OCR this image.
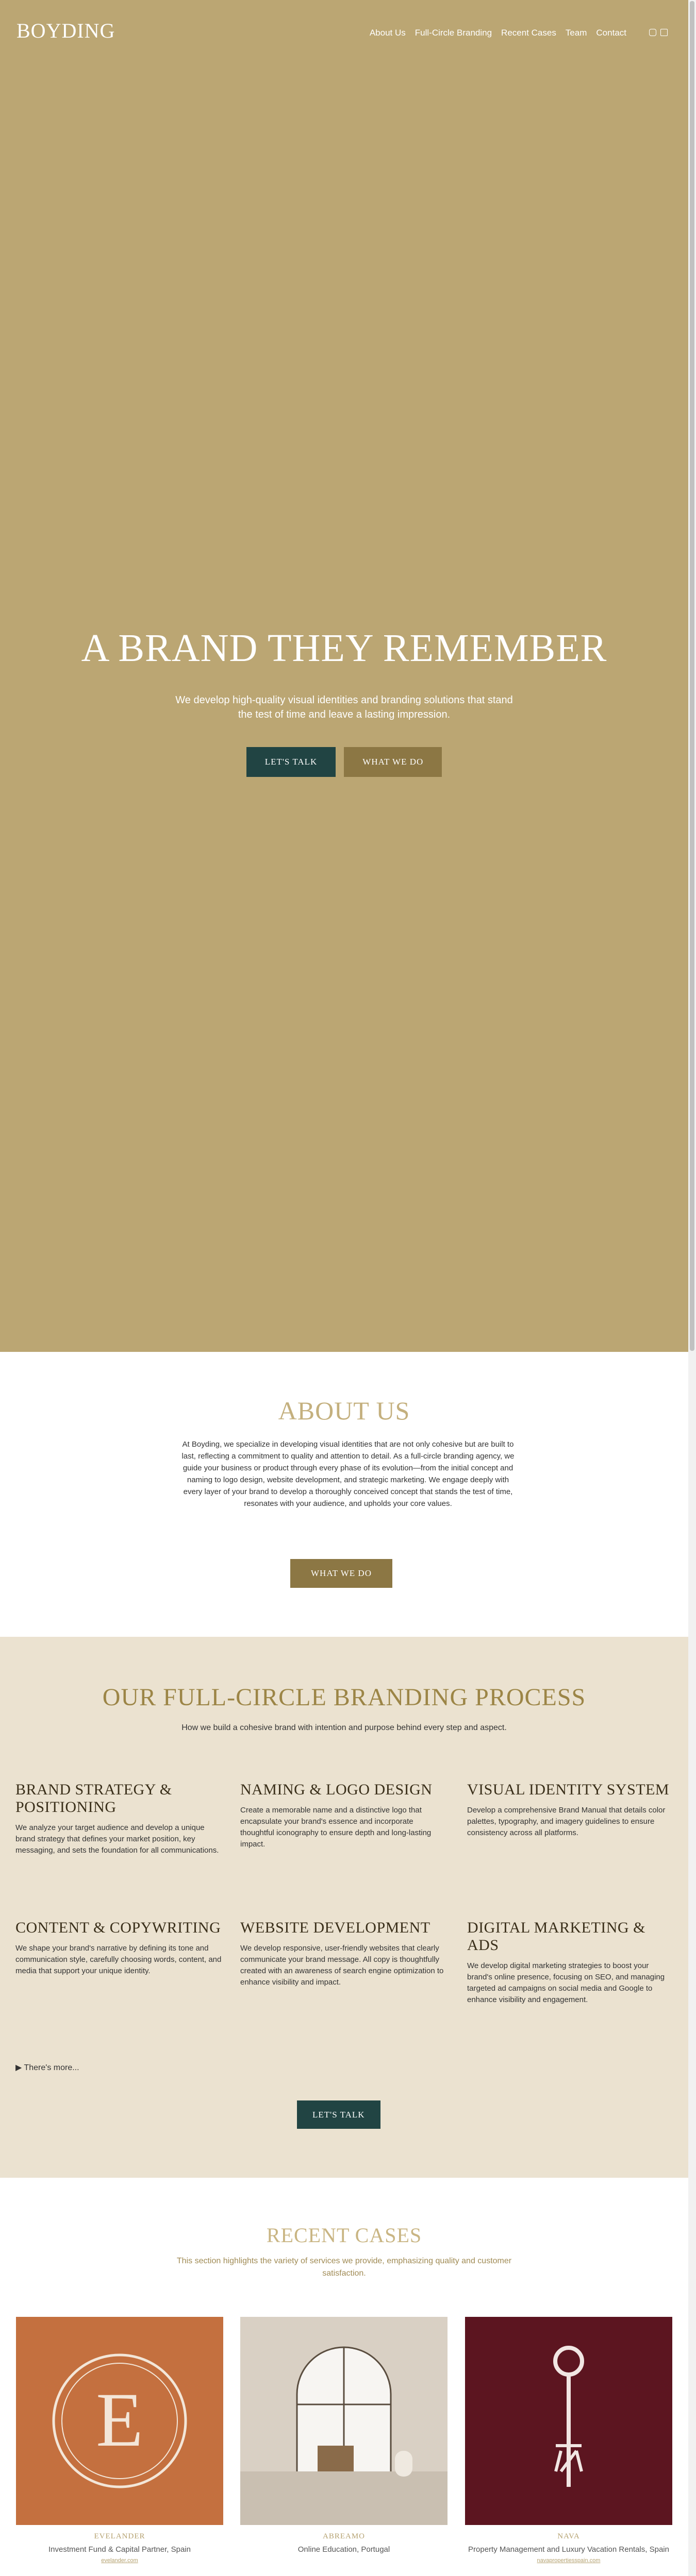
BOYDING	About Us Full-Circle Branding Recent Cases Team Contact
A BRAND THEY REMEMBER

We develop high-quality visual identities and branding solutions that stand the test of time and leave a lasting impression.

LET'S TALK	WHAT WE DO
ABOUT US

At Boyding, we specialize in developing visual identities that are not only cohesive but are built to last, reflecting a commitment to quality and attention to detail. As a full-circle branding agency, we guide your business or product through every phase of its evolution—from the initial concept and naming to logo design, website development, and strategic marketing. We engage deeply with every layer of your brand to develop a thoroughly conceived concept that stands the test of time, resonates with your audience, and upholds your core values.

WHAT WE DO
OUR FULL-CIRCLE BRANDING PROCESS

How we build a cohesive brand with intention and purpose behind every step and aspect.

BRAND STRATEGY & POSITIONING

We analyze your target audience and develop a unique brand strategy that defines your market position, key messaging, and sets the foundation for all communications.

NAMING & LOGO DESIGN

Create a memorable name and a distinctive logo that encapsulate your brand's essence and incorporate thoughtful iconography to ensure depth and long-lasting impact.

VISUAL IDENTITY SYSTEM

Develop a comprehensive Brand Manual that details color palettes, typography, and imagery guidelines to ensure consistency across all platforms.

CONTENT & COPYWRITING

We shape your brand's narrative by defining its tone and communication style, carefully choosing words, content, and media that support your unique identity.

WEBSITE DEVELOPMENT

We develop responsive, user-friendly websites that clearly communicate your brand message. All copy is thoughtfully created with an awareness of search engine optimization to enhance visibility and impact.

DIGITAL MARKETING & ADS

We develop digital marketing strategies to boost your brand's online presence, focusing on SEO, and managing targeted ad campaigns on social media and Google to enhance visibility and engagement.

▶ There's more...
LET'S TALK
RECENT CASES

This section highlights the variety of services we provide, emphasizing quality and customer satisfaction.

E

EVELANDER

Investment Fund & Capital Partner, Spain

evelander.com

ABREAMO

Online Education, Portugal

NAVA

Property Management and Luxury Vacation Rentals, Spain

navapropertiesspain.com
